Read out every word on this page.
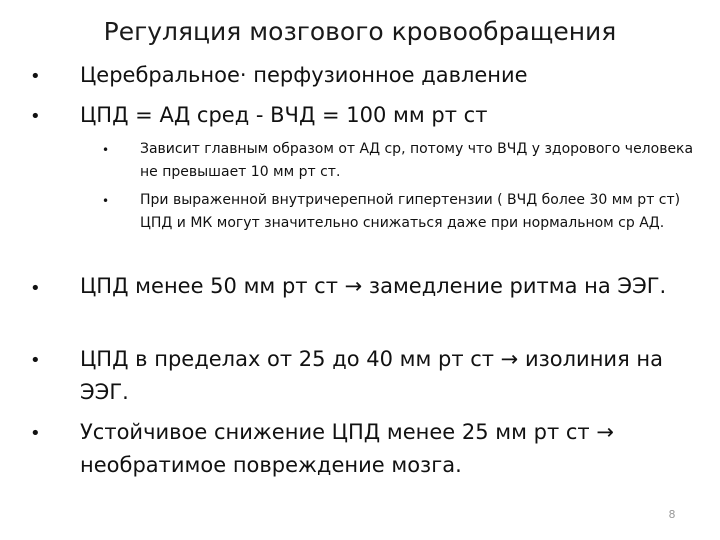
Регуляция мозгового кровообращения
• Церебральное· перфузионное давление
• ЦПД = АД сред - ВЧД = 100 мм рт ст
• Зависит главным образом от АД ср, потому что ВЧД у здорового человека не превышает 10 мм рт ст.
• При выраженной внутричерепной гипертензии ( ВЧД более 30 мм рт ст) ЦПД и МК могут значительно снижаться даже при нормальном ср АД.
• ЦПД менее 50 мм рт ст → замедление ритма на ЭЭГ.
• ЦПД в пределах от 25 до 40 мм рт ст → изолиния на ЭЭГ.
• Устойчивое снижение ЦПД менее 25 мм рт ст → необратимое повреждение мозга.
8
